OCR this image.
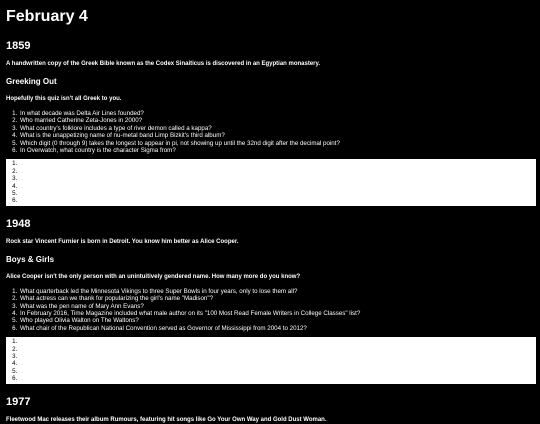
February 4
1859

A handwritten copy of the Greek Bible known as the Codex Sinaiticus is discovered in an Egyptian monastery.

Greeking Out

Hopefully this quiz isn't all Greek to you.

1. In what decade was Delta Air Lines founded?
2. Who married Catherine Zeta-Jones in 2000?
3. What country's folklore includes a type of river demon called a kappa?
4. What is the unappetizing name of nu-metal band Limp Bizkit's third album?
5. Which digit (0 through 9) takes the longest to appear in pi, not showing up until the 32nd digit after the decimal point?
6. In Overwatch, what country is the character Sigma from?
1.
2.
3.
4.
5.
6.
1948

Rock star Vincent Furnier is born in Detroit. You know him better as Alice Cooper.

Boys & Girls

Alice Cooper isn't the only person with an unintuitively gendered name. How many more do you know?

1. What quarterback led the Minnesota Vikings to three Super Bowls in four years, only to lose them all?
2. What actress can we thank for popularizing the girl's name "Madison"?
3. What was the pen name of Mary Ann Evans?
4. In February 2016, Time Magazine included what male author on its "100 Most Read Female Writers in College Classes" list?
5. Who played Olivia Walton on The Waltons?
6. What chair of the Republican National Convention served as Governor of Mississippi from 2004 to 2012?
1.
2.
3.
4.
5.
6.
1977

Fleetwood Mac releases their album Rumours, featuring hit songs like Go Your Own Way and Gold Dust Woman.
